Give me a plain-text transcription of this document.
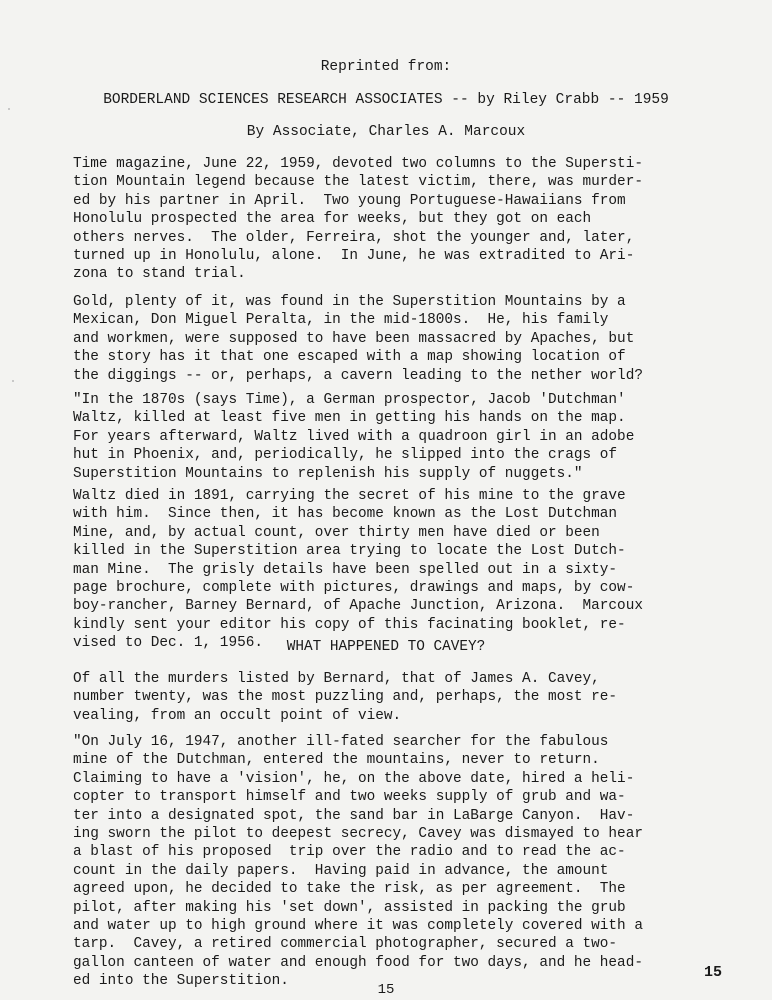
Reprinted from:
BORDERLAND SCIENCES RESEARCH ASSOCIATES -- by Riley Crabb -- 1959
By Associate, Charles A. Marcoux
Time magazine, June 22, 1959, devoted two columns to the Supersti-
tion Mountain legend because the latest victim, there, was murder-
ed by his partner in April.  Two young Portuguese-Hawaiians from
Honolulu prospected the area for weeks, but they got on each
others nerves.  The older, Ferreira, shot the younger and, later,
turned up in Honolulu, alone.  In June, he was extradited to Ari-
zona to stand trial.
Gold, plenty of it, was found in the Superstition Mountains by a
Mexican, Don Miguel Peralta, in the mid-1800s.  He, his family
and workmen, were supposed to have been massacred by Apaches, but
the story has it that one escaped with a map showing location of
the diggings -- or, perhaps, a cavern leading to the nether world?
"In the 1870s (says Time), a German prospector, Jacob 'Dutchman'
Waltz, killed at least five men in getting his hands on the map.
For years afterward, Waltz lived with a quadroon girl in an adobe
hut in Phoenix, and, periodically, he slipped into the crags of
Superstition Mountains to replenish his supply of nuggets."
Waltz died in 1891, carrying the secret of his mine to the grave
with him.  Since then, it has become known as the Lost Dutchman
Mine, and, by actual count, over thirty men have died or been
killed in the Superstition area trying to locate the Lost Dutch-
man Mine.  The grisly details have been spelled out in a sixty-
page brochure, complete with pictures, drawings and maps, by cow-
boy-rancher, Barney Bernard, of Apache Junction, Arizona.  Marcoux
kindly sent your editor his copy of this facinating booklet, re-
vised to Dec. 1, 1956.	WHAT HAPPENED TO CAVEY?
Of all the murders listed by Bernard, that of James A. Cavey,
number twenty, was the most puzzling and, perhaps, the most re-
vealing, from an occult point of view.
"On July 16, 1947, another ill-fated searcher for the fabulous
mine of the Dutchman, entered the mountains, never to return.
Claiming to have a 'vision', he, on the above date, hired a heli-
copter to transport himself and two weeks supply of grub and wa-
ter into a designated spot, the sand bar in LaBarge Canyon.  Hav-
ing sworn the pilot to deepest secrecy, Cavey was dismayed to hear
a blast of his proposed  trip over the radio and to read the ac-
count in the daily papers.  Having paid in advance, the amount
agreed upon, he decided to take the risk, as per agreement.  The
pilot, after making his 'set down', assisted in packing the grub
and water up to high ground where it was completely covered with a
tarp.  Cavey, a retired commercial photographer, secured a two-
gallon canteen of water and enough food for two days, and he head-
ed into the Superstition.
15
15
